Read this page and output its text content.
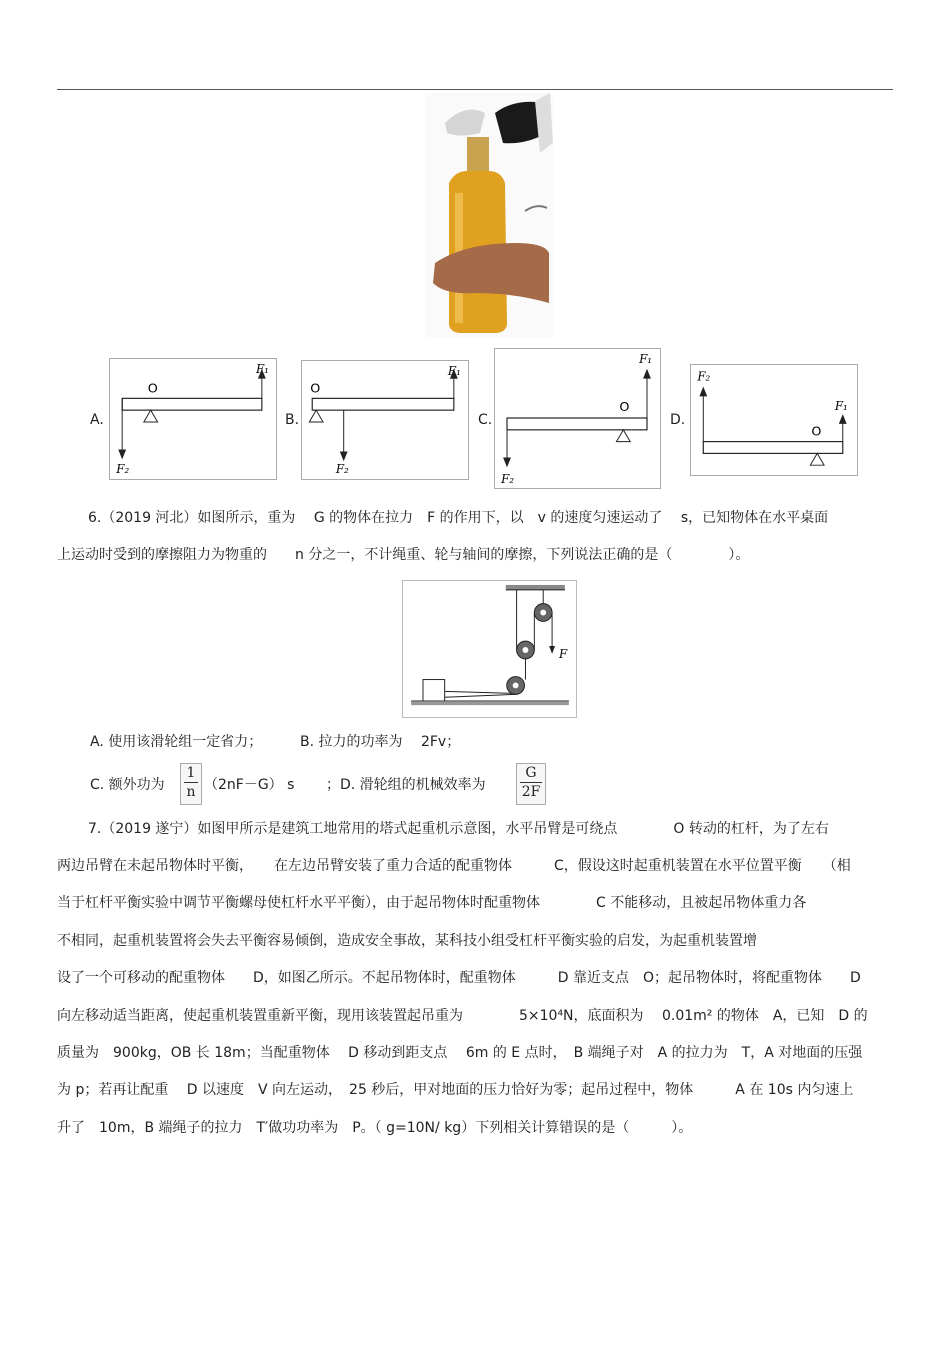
A.	B.	C.	D.
O
F₁
F₂
O
F₁
F₂
O
F₁
F₂
O
F₁
F₂
6.（2019 河北）如图所示，重为　 G 的物体在拉力　F 的作用下，以　v 的速度匀速运动了　 s，已知物体在水平桌面
上运动时受到的摩擦阻力为物重的　　n 分之一，不计绳重、轮与轴间的摩擦，下列说法正确的是（　　　　）。
F
A. 使用该滑轮组一定省力；	B. 拉力的功率为　 2Fv；
C. 额外功为
1
n （2nF－G） s ；D. 滑轮组的机械效率为
G
2F
7.（2019 遂宁）如图甲所示是建筑工地常用的塔式起重机示意图，水平吊臂是可绕点　　　　O 转动的杠杆，为了左右
两边吊臂在未起吊物体时平衡，　　在左边吊臂安装了重力合适的配重物体　　　C，假设这时起重机装置在水平位置平衡　　（相
当于杠杆平衡实验中调节平衡螺母使杠杆水平平衡），由于起吊物体时配重物体　　　　C 不能移动，且被起吊物体重力各
不相同，起重机装置将会失去平衡容易倾倒，造成安全事故，某科技小组受杠杆平衡实验的启发，为起重机装置增
设了一个可移动的配重物体　　D，如图乙所示。不起吊物体时，配重物体　　　D 靠近支点　O；起吊物体时，将配重物体　　D
向左移动适当距离，使起重机装置重新平衡，现用该装置起吊重为　　　　5×10⁴N，底面积为　 0.01m² 的物体　A，已知　D 的
质量为　900kg，OB 长 18m；当配重物体　 D 移动到距支点　 6m 的 E 点时，　B 端绳子对　A 的拉力为　T，A 对地面的压强
为 p；若再让配重　 D 以速度　V 向左运动，　25 秒后，甲对地面的压力恰好为零；起吊过程中，物体　　　A 在 10s 内匀速上
升了　10m，B 端绳子的拉力　T′做功功率为　P。（ g=10N/ kg）下列相关计算错误的是（　　　）。
